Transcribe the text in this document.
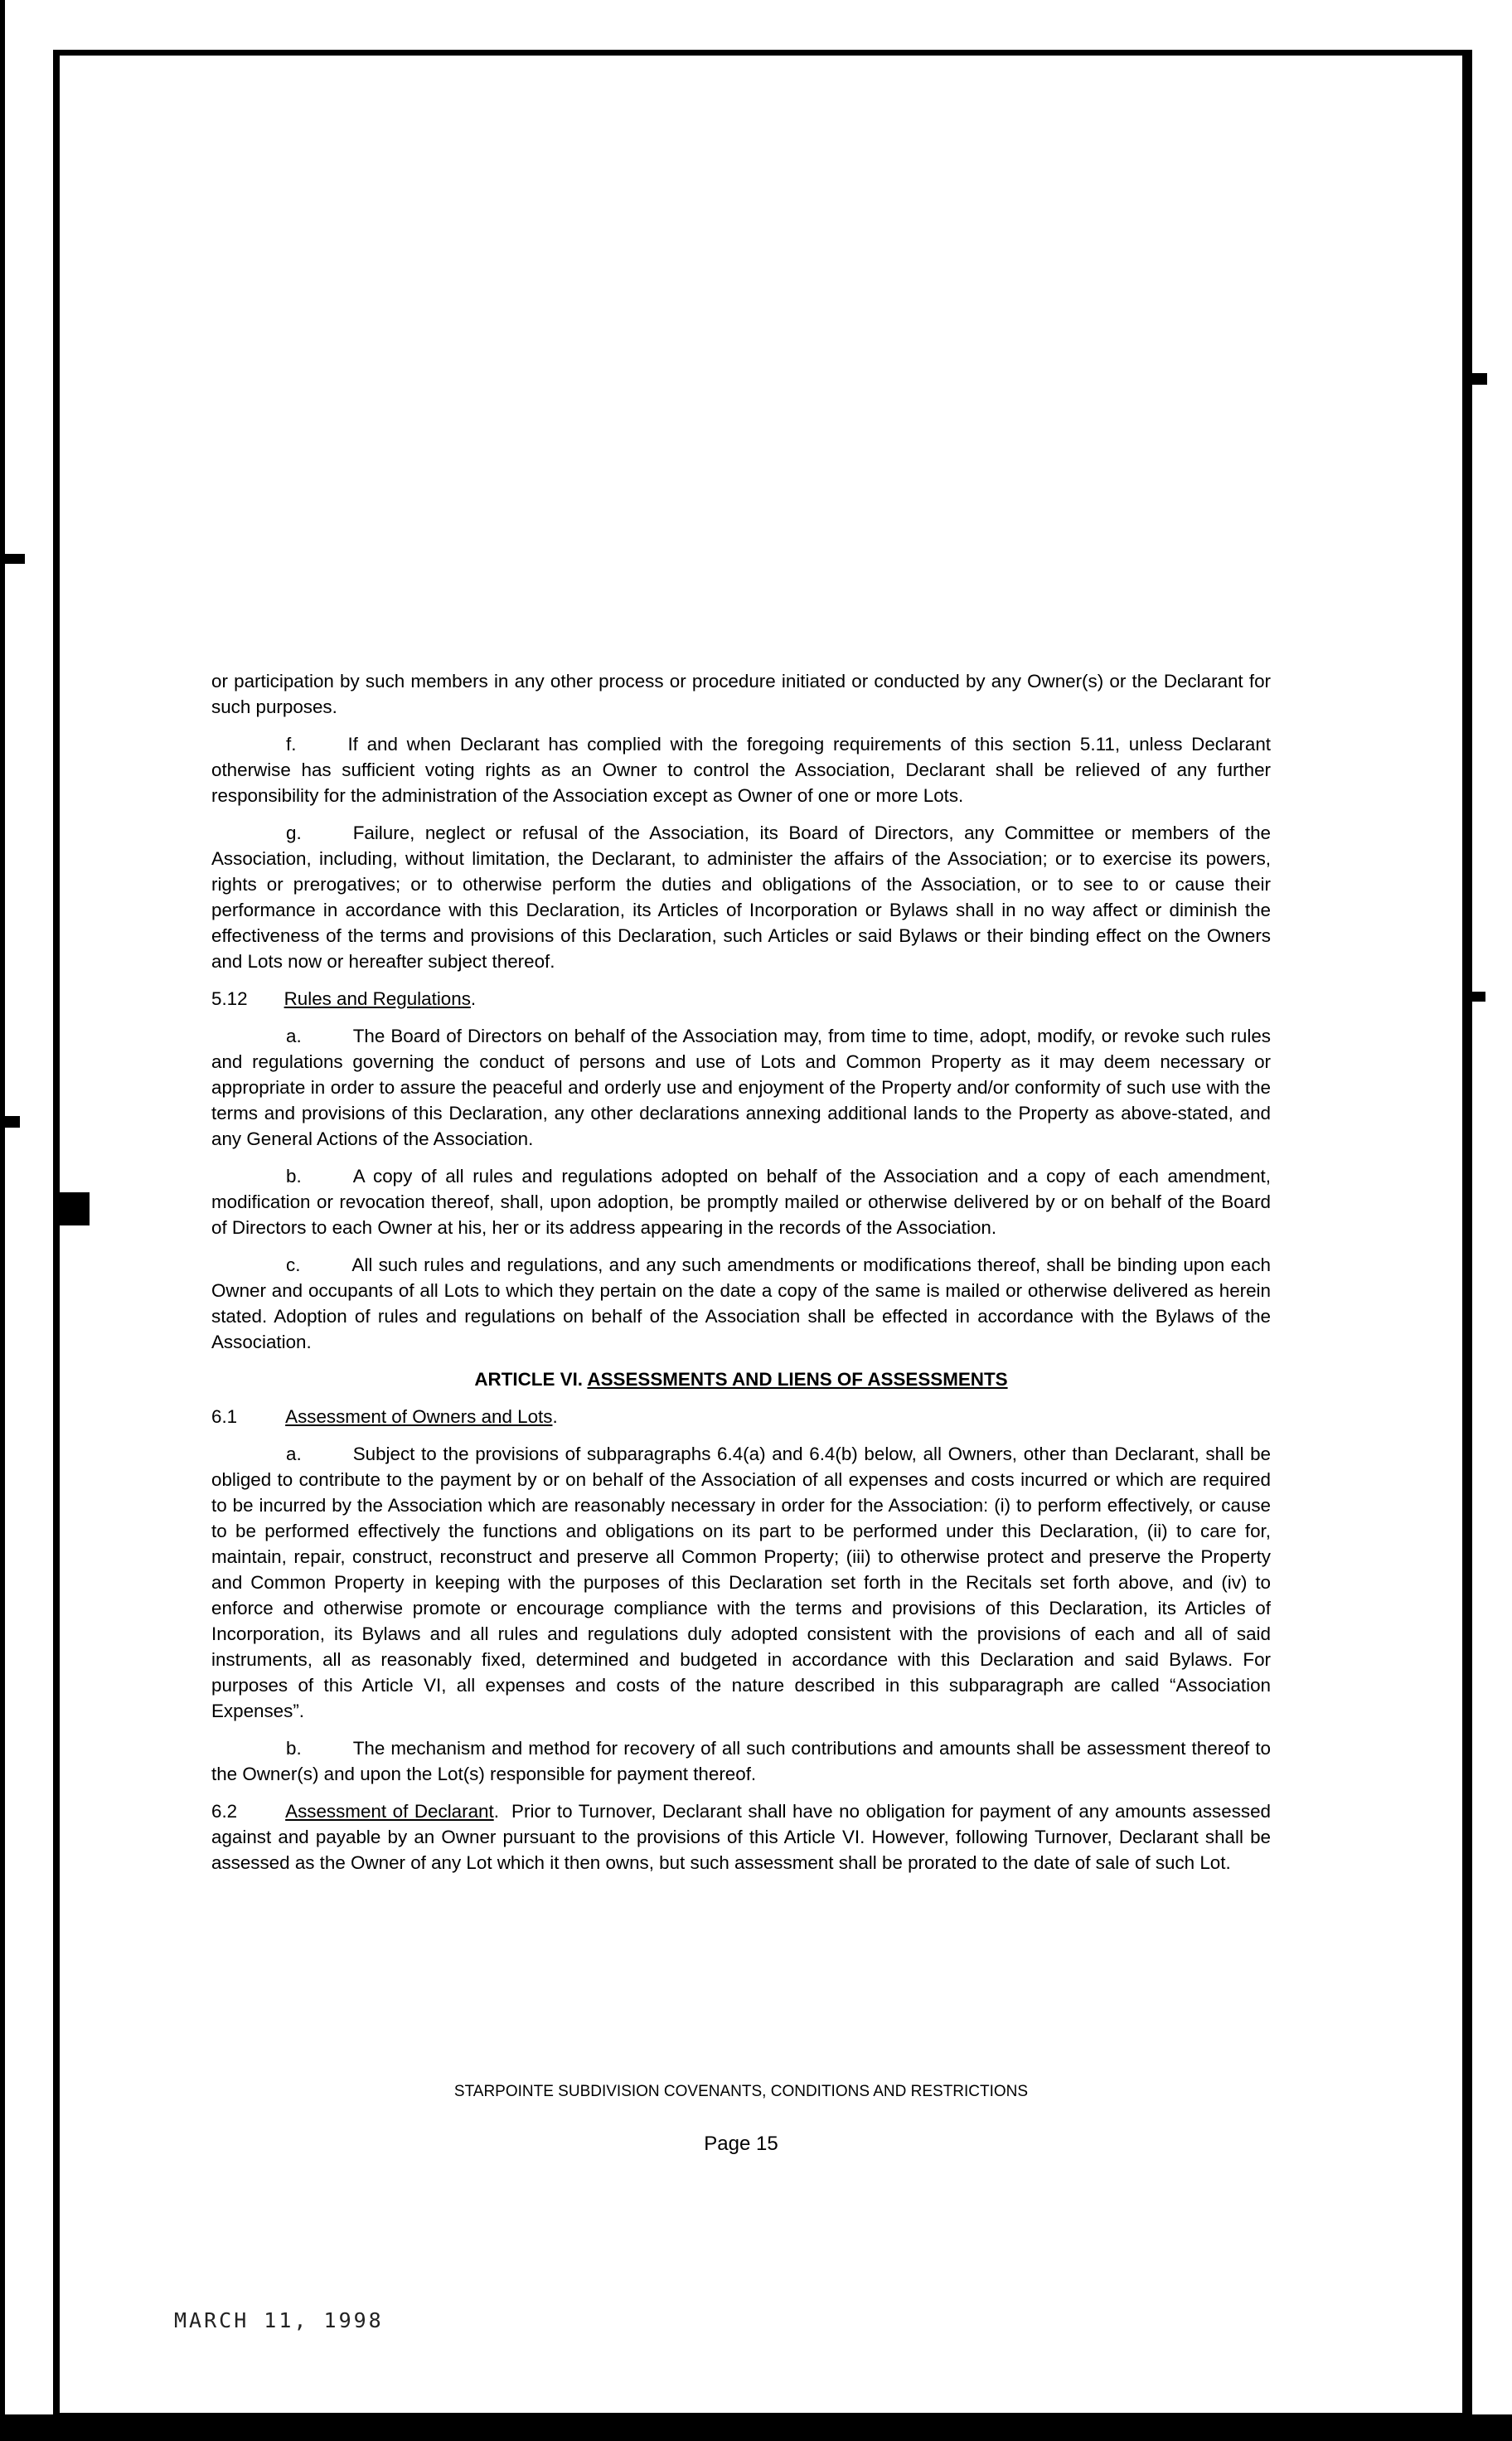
or participation by such members in any other process or procedure initiated or conducted by any Owner(s) or the Declarant for such purposes.

f.	If and when Declarant has complied with the foregoing requirements of this section 5.11, unless Declarant otherwise has sufficient voting rights as an Owner to control the Association, Declarant shall be relieved of any further responsibility for the administration of the Association except as Owner of one or more Lots.

g.	Failure, neglect or refusal of the Association, its Board of Directors, any Committee or members of the Association, including, without limitation, the Declarant, to administer the affairs of the Association; or to exercise its powers, rights or prerogatives; or to otherwise perform the duties and obligations of the Association, or to see to or cause their performance in accordance with this Declaration, its Articles of Incorporation or Bylaws shall in no way affect or diminish the effectiveness of the terms and provisions of this Declaration, such Articles or said Bylaws or their binding effect on the Owners and Lots now or hereafter subject thereof.

5.12 Rules and Regulations.

a.	The Board of Directors on behalf of the Association may, from time to time, adopt, modify, or revoke such rules and regulations governing the conduct of persons and use of Lots and Common Property as it may deem necessary or appropriate in order to assure the peaceful and orderly use and enjoyment of the Property and/or conformity of such use with the terms and provisions of this Declaration, any other declarations annexing additional lands to the Property as above-stated, and any General Actions of the Association.

b.	A copy of all rules and regulations adopted on behalf of the Association and a copy of each amendment, modification or revocation thereof, shall, upon adoption, be promptly mailed or otherwise delivered by or on behalf of the Board of Directors to each Owner at his, her or its address appearing in the records of the Association.

c.	All such rules and regulations, and any such amendments or modifications thereof, shall be binding upon each Owner and occupants of all Lots to which they pertain on the date a copy of the same is mailed or otherwise delivered as herein stated. Adoption of rules and regulations on behalf of the Association shall be effected in accordance with the Bylaws of the Association.

ARTICLE VI. ASSESSMENTS AND LIENS OF ASSESSMENTS

6.1	Assessment of Owners and Lots.

a.	Subject to the provisions of subparagraphs 6.4(a) and 6.4(b) below, all Owners, other than Declarant, shall be obliged to contribute to the payment by or on behalf of the Association of all expenses and costs incurred or which are required to be incurred by the Association which are reasonably necessary in order for the Association: (i) to perform effectively, or cause to be performed effectively the functions and obligations on its part to be performed under this Declaration, (ii) to care for, maintain, repair, construct, reconstruct and preserve all Common Property; (iii) to otherwise protect and preserve the Property and Common Property in keeping with the purposes of this Declaration set forth in the Recitals set forth above, and (iv) to enforce and otherwise promote or encourage compliance with the terms and provisions of this Declaration, its Articles of Incorporation, its Bylaws and all rules and regulations duly adopted consistent with the provisions of each and all of said instruments, all as reasonably fixed, determined and budgeted in accordance with this Declaration and said Bylaws. For purposes of this Article VI, all expenses and costs of the nature described in this subparagraph are called “Association Expenses”.

b.	The mechanism and method for recovery of all such contributions and amounts shall be assessment thereof to the Owner(s) and upon the Lot(s) responsible for payment thereof.

6.2	Assessment of Declarant.  Prior to Turnover, Declarant shall have no obligation for payment of any amounts assessed against and payable by an Owner pursuant to the provisions of this Article VI. However, following Turnover, Declarant shall be assessed as the Owner of any Lot which it then owns, but such assessment shall be prorated to the date of sale of such Lot.

STARPOINTE SUBDIVISION COVENANTS, CONDITIONS AND RESTRICTIONS
Page 15
MARCH 11, 1998
